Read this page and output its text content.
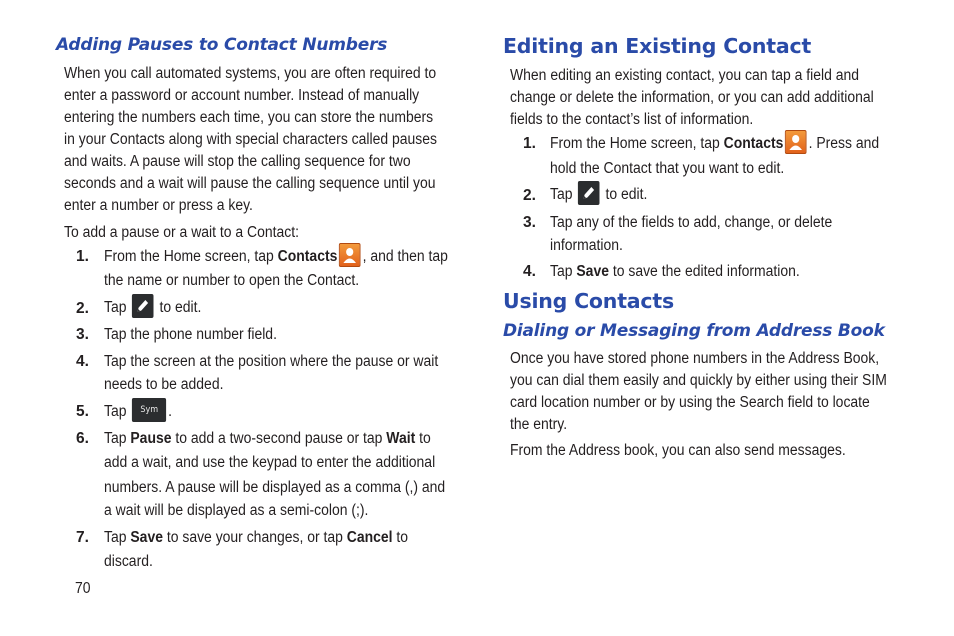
Adding Pauses to Contact Numbers
When you call automated systems, you are often required to
enter a password or account number. Instead of manually
entering the numbers each time, you can store the numbers
in your Contacts along with special characters called pauses
and waits. A pause will stop the calling sequence for two
seconds and a wait will pause the calling sequence until you
enter a number or press a key.
To add a pause or a wait to a Contact:
1. From the Home screen, tap Contacts , and then tap
the name or number to open the Contact.
2. Tap  to edit.
3. Tap the phone number field.
4. Tap the screen at the position where the pause or wait
needs to be added.
5. Tap Sym .
6. Tap Pause to add a two-second pause or tap Wait to
add a wait, and use the keypad to enter the additional
numbers. A pause will be displayed as a comma (,) and
a wait will be displayed as a semi-colon (;).
7. Tap Save to save your changes, or tap Cancel to
discard.
70
Editing an Existing Contact
When editing an existing contact, you can tap a field and
change or delete the information, or you can add additional
fields to the contact’s list of information.
1. From the Home screen, tap Contacts . Press and
hold the Contact that you want to edit.
2. Tap  to edit.
3. Tap any of the fields to add, change, or delete
information.
4. Tap Save to save the edited information.
Using Contacts
Dialing or Messaging from Address Book
Once you have stored phone numbers in the Address Book,
you can dial them easily and quickly by either using their SIM
card location number or by using the Search field to locate
the entry.
From the Address book, you can also send messages.
